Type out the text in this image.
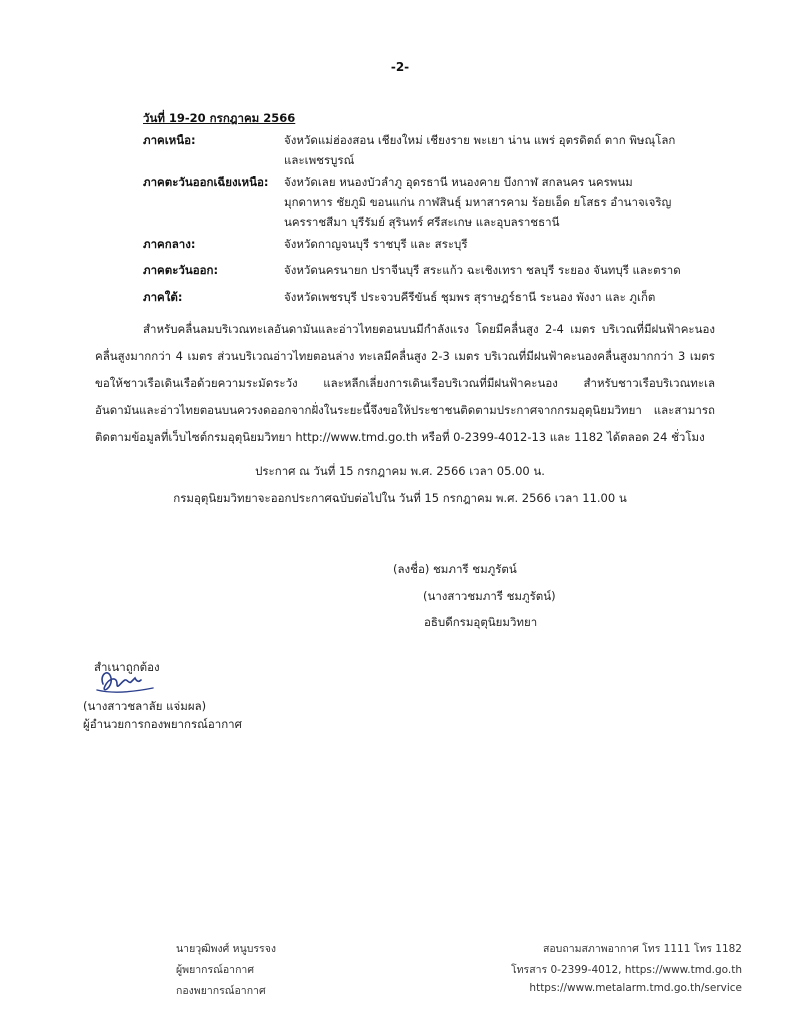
-2-
วันที่ 19-20 กรกฎาคม 2566
ภาคเหนือ:	จังหวัดแม่ฮ่องสอน เชียงใหม่ เชียงราย พะเยา น่าน แพร่ อุตรดิตถ์ ตาก พิษณุโลก และเพชรบูรณ์
ภาคตะวันออกเฉียงเหนือ:	จังหวัดเลย หนองบัวลำภู อุดรธานี หนองคาย บึงกาฬ สกลนคร นครพนม มุกดาหาร ชัยภูมิ ขอนแก่น กาฬสินธุ์ มหาสารคาม ร้อยเอ็ด ยโสธร อำนาจเจริญ นครราชสีมา บุรีรัมย์ สุรินทร์ ศรีสะเกษ และอุบลราชธานี
ภาคกลาง:	จังหวัดกาญจนบุรี ราชบุรี และ สระบุรี
ภาคตะวันออก:	จังหวัดนครนายก ปราจีนบุรี สระแก้ว ฉะเชิงเทรา ชลบุรี ระยอง จันทบุรี และตราด
ภาคใต้:	จังหวัดเพชรบุรี ประจวบคีรีขันธ์ ชุมพร สุราษฎร์ธานี ระนอง พังงา และ ภูเก็ต
สำหรับคลื่นลมบริเวณทะเลอันดามันและอ่าวไทยตอนบนมีกำลังแรง โดยมีคลื่นสูง 2-4 เมตร บริเวณที่มีฝนฟ้าคะนองคลื่นสูงมากกว่า 4 เมตร ส่วนบริเวณอ่าวไทยตอนล่าง ทะเลมีคลื่นสูง 2-3 เมตร บริเวณที่มีฝนฟ้าคะนองคลื่นสูงมากกว่า 3 เมตรขอให้ชาวเรือเดินเรือด้วยความระมัดระวัง และหลีกเลี่ยงการเดินเรือบริเวณที่มีฝนฟ้าคะนอง สำหรับชาวเรือบริเวณทะเลอันดามันและอ่าวไทยตอนบนควรงดออกจากฝั่งในระยะนี้จึงขอให้ประชาชนติดตามประกาศจากกรมอุตุนิยมวิทยา และสามารถติดตามข้อมูลที่เว็บไซต์กรมอุตุนิยมวิทยา http://www.tmd.go.th หรือที่ 0-2399-4012-13 และ 1182 ได้ตลอด 24 ชั่วโมง
ประกาศ ณ วันที่ 15 กรกฎาคม พ.ศ. 2566 เวลา 05.00 น.
กรมอุตุนิยมวิทยาจะออกประกาศฉบับต่อไปใน วันที่ 15 กรกฎาคม พ.ศ. 2566 เวลา 11.00 น
(ลงชื่อ) ชมภารี ชมภูรัตน์
(นางสาวชมภารี ชมภูรัตน์)
อธิบดีกรมอุตุนิยมวิทยา
สำเนาถูกต้อง
(นางสาวชลาลัย แจ่มผล)
ผู้อำนวยการกองพยากรณ์อากาศ
นายวุฒิพงศ์ หนูบรรจง
ผู้พยากรณ์อากาศ
กองพยากรณ์อากาศ
สอบถามสภาพอากาศ โทร 1111 โทร 1182
โทรสาร 0-2399-4012, https://www.tmd.go.th
https://www.metalarm.tmd.go.th/service
